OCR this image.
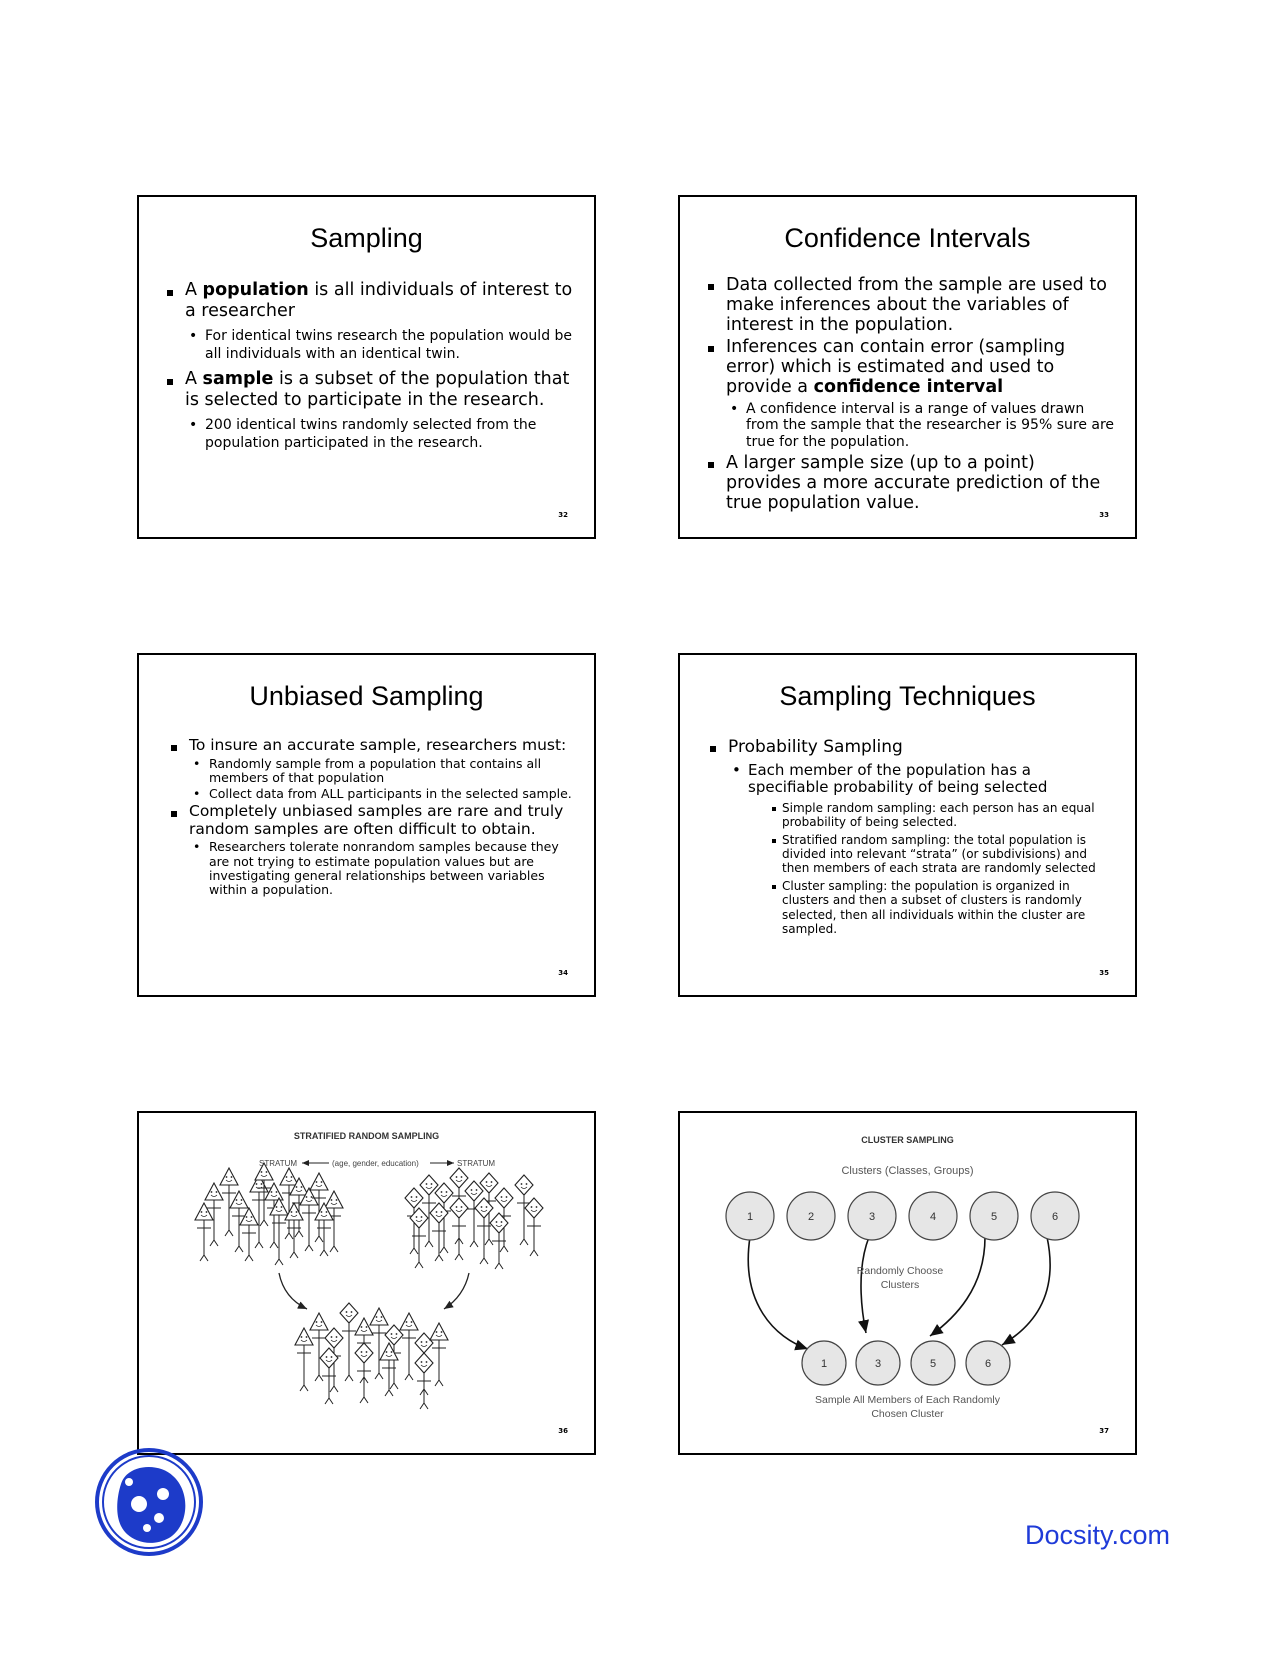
Sampling
A population is all individuals of interest to a researcher
• For identical twins research the population would be all individuals with an identical twin.
A sample is a subset of the population that is selected to participate in the research.
• 200 identical twins randomly selected from the population participated in the research.
32
Confidence Intervals
Data collected from the sample are used to make inferences about the variables of interest in the population.
Inferences can contain error (sampling error) which is estimated and used to provide a confidence interval
• A confidence interval is a range of values drawn from the sample that the researcher is 95% sure are true for the population.
A larger sample size (up to a point) provides a more accurate prediction of the true population value.
33
Unbiased Sampling
To insure an accurate sample, researchers must:
• Randomly sample from a population that contains all members of that population
• Collect data from ALL participants in the selected sample.
Completely unbiased samples are rare and truly random samples are often difficult to obtain.
• Researchers tolerate nonrandom samples because they are not trying to estimate population values but are investigating general relationships between variables within a population.
34
Sampling Techniques
Probability Sampling
• Each member of the population has a specifiable probability of being selected
Simple random sampling: each person has an equal probability of being selected.
Stratified random sampling: the total population is divided into relevant “strata” (or subdivisions) and then members of each strata are randomly selected
Cluster sampling: the population is organized in clusters and then a subset of clusters is randomly selected, then all individuals within the cluster are sampled.
35
STRATIFIED RANDOM SAMPLING
STRATUM	(age, gender, education)	STRATUM
36
CLUSTER SAMPLING
Clusters (Classes, Groups)
1	2	3	4	5	6
1	3	5	6
Randomly Choose
Clusters
Sample All Members of Each Randomly
Chosen Cluster
37
Docsity.com
